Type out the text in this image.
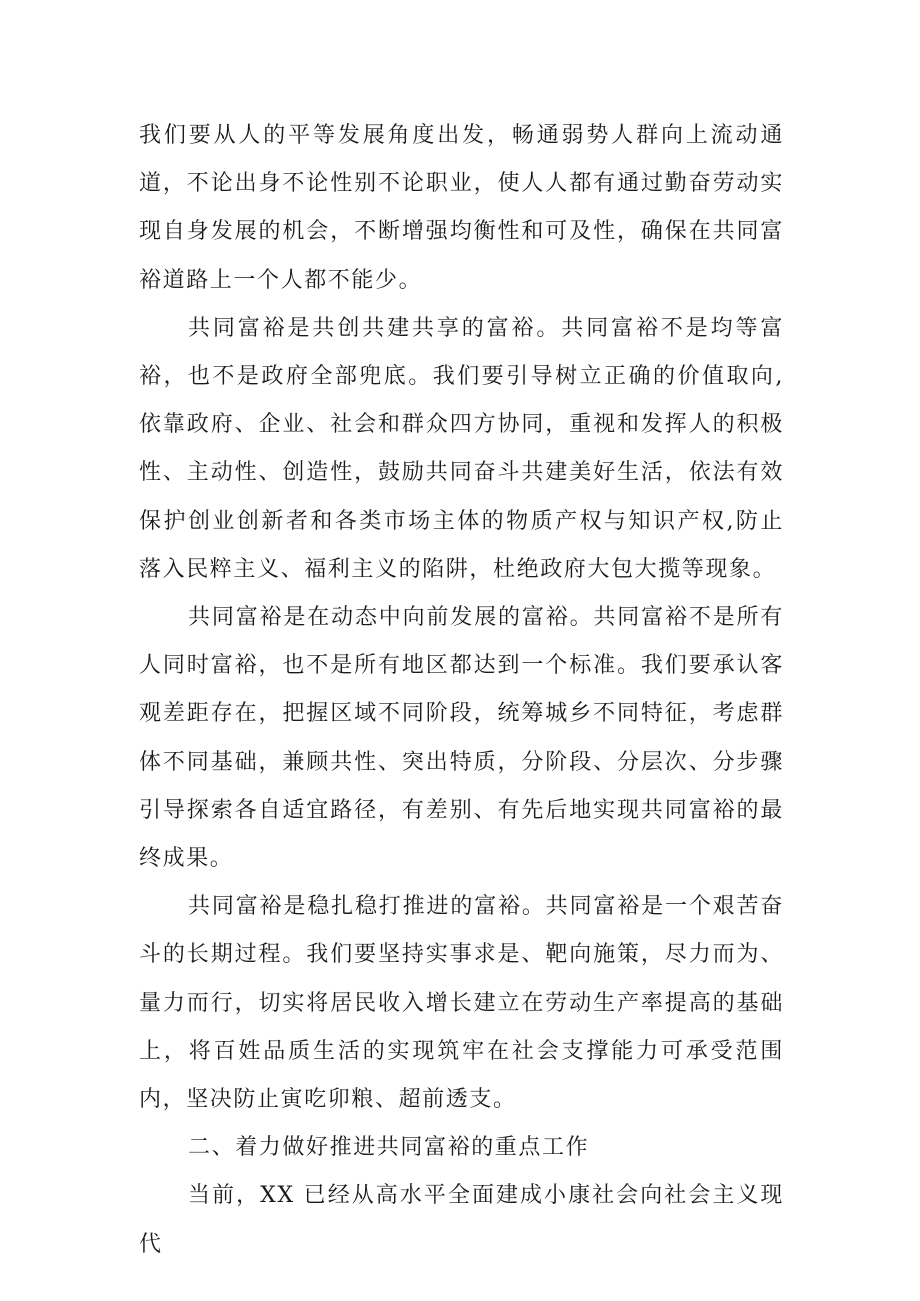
我们要从人的平等发展角度出发，畅通弱势人群向上流动通道，不论出身不论性别不论职业，使人人都有通过勤奋劳动实现自身发展的机会，不断增强均衡性和可及性，确保在共同富裕道路上一个人都不能少。

共同富裕是共创共建共享的富裕。共同富裕不是均等富裕，也不是政府全部兜底。我们要引导树立正确的价值取向,依靠政府、企业、社会和群众四方协同，重视和发挥人的积极性、主动性、创造性，鼓励共同奋斗共建美好生活，依法有效保护创业创新者和各类市场主体的物质产权与知识产权,防止落入民粹主义、福利主义的陷阱，杜绝政府大包大揽等现象。

共同富裕是在动态中向前发展的富裕。共同富裕不是所有人同时富裕，也不是所有地区都达到一个标准。我们要承认客观差距存在，把握区域不同阶段，统筹城乡不同特征，考虑群体不同基础，兼顾共性、突出特质，分阶段、分层次、分步骤引导探索各自适宜路径，有差别、有先后地实现共同富裕的最终成果。

共同富裕是稳扎稳打推进的富裕。共同富裕是一个艰苦奋斗的长期过程。我们要坚持实事求是、靶向施策，尽力而为、量力而行，切实将居民收入增长建立在劳动生产率提高的基础上，将百姓品质生活的实现筑牢在社会支撑能力可承受范围内，坚决防止寅吃卯粮、超前透支。

二、着力做好推进共同富裕的重点工作

当前，XX 已经从高水平全面建成小康社会向社会主义现代
